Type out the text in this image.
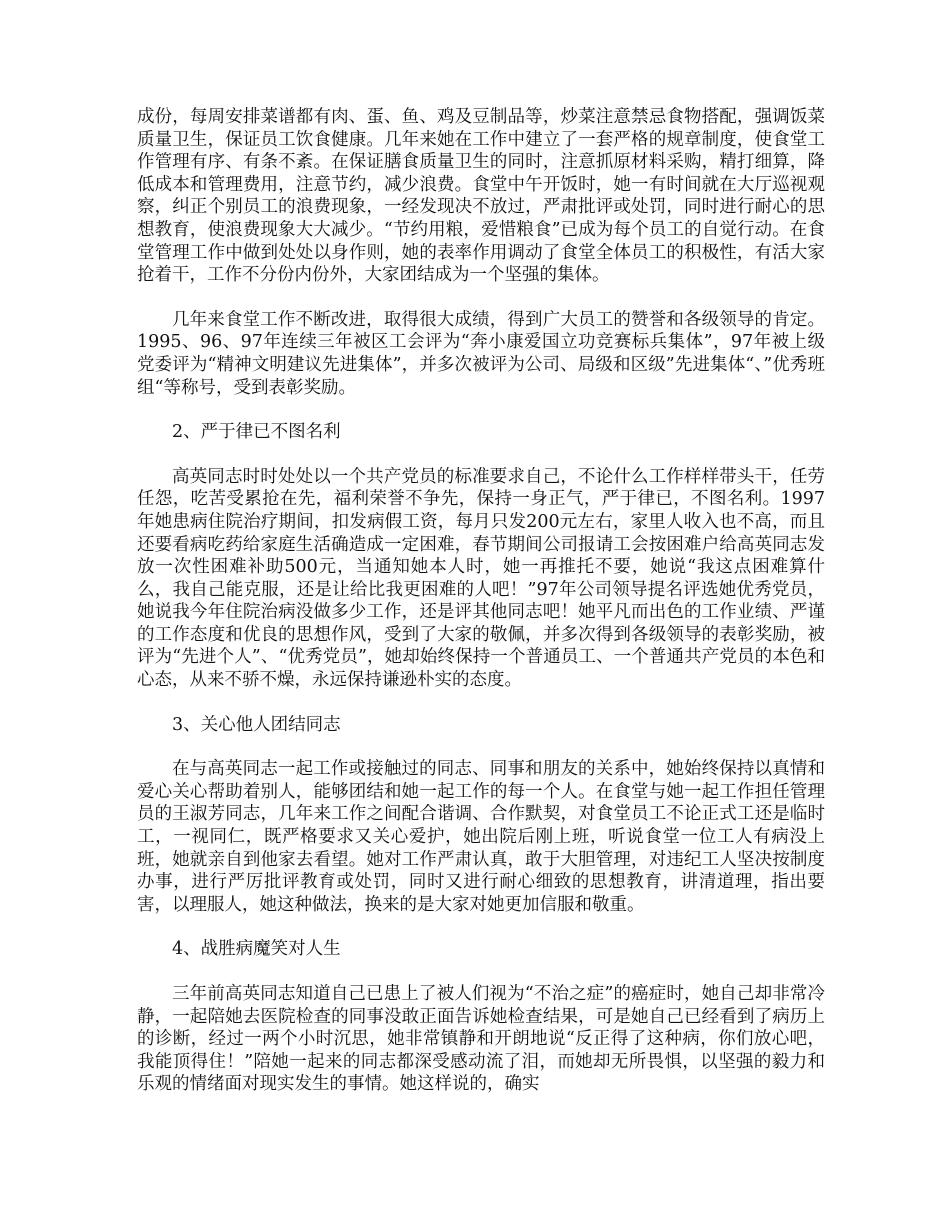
成份，每周安排菜谱都有肉、蛋、鱼、鸡及豆制品等，炒菜注意禁忌食物搭配，强调饭菜质量卫生，保证员工饮食健康。几年来她在工作中建立了一套严格的规章制度，使食堂工作管理有序、有条不紊。在保证膳食质量卫生的同时，注意抓原材料采购，精打细算，降低成本和管理费用，注意节约，减少浪费。食堂中午开饭时，她一有时间就在大厅巡视观察，纠正个别员工的浪费现象，一经发现决不放过，严肃批评或处罚，同时进行耐心的思想教育，使浪费现象大大减少。“节约用粮，爱惜粮食”已成为每个员工的自觉行动。在食堂管理工作中做到处处以身作则，她的表率作用调动了食堂全体员工的积极性，有活大家抢着干，工作不分份内份外，大家团结成为一个坚强的集体。

几年来食堂工作不断改进，取得很大成绩，得到广大员工的赞誉和各级领导的肯定。1995、96、97年连续三年被区工会评为“奔小康爱国立功竞赛标兵集体”，97年被上级党委评为“精神文明建议先进集体”，并多次被评为公司、局级和区级”先进集体“、”优秀班组“等称号，受到表彰奖励。

2、严于律已不图名利

高英同志时时处处以一个共产党员的标准要求自己，不论什么工作样样带头干，任劳任怨，吃苦受累抢在先，福利荣誉不争先，保持一身正气，严于律已，不图名利。1997年她患病住院治疗期间，扣发病假工资，每月只发200元左右，家里人收入也不高，而且还要看病吃药给家庭生活确造成一定困难，春节期间公司报请工会按困难户给高英同志发放一次性困难补助500元，当通知她本人时，她一再推托不要，她说“我这点困难算什么，我自己能克服，还是让给比我更困难的人吧！”97年公司领导提名评选她优秀党员，她说我今年住院治病没做多少工作，还是评其他同志吧！她平凡而出色的工作业绩、严谨的工作态度和优良的思想作风，受到了大家的敬佩，并多次得到各级领导的表彰奖励，被评为“先进个人”、“优秀党员”，她却始终保持一个普通员工、一个普通共产党员的本色和心态，从来不骄不燥，永远保持谦逊朴实的态度。

3、关心他人团结同志

在与高英同志一起工作或接触过的同志、同事和朋友的关系中，她始终保持以真情和爱心关心帮助着别人，能够团结和她一起工作的每一个人。在食堂与她一起工作担任管理员的王淑芳同志，几年来工作之间配合谐调、合作默契，对食堂员工不论正式工还是临时工，一视同仁，既严格要求又关心爱护，她出院后刚上班，听说食堂一位工人有病没上班，她就亲自到他家去看望。她对工作严肃认真，敢于大胆管理，对违纪工人坚决按制度办事，进行严厉批评教育或处罚，同时又进行耐心细致的思想教育，讲清道理，指出要害，以理服人，她这种做法，换来的是大家对她更加信服和敬重。

4、战胜病魔笑对人生

三年前高英同志知道自己已患上了被人们视为“不治之症”的癌症时，她自己却非常冷静，一起陪她去医院检查的同事没敢正面告诉她检查结果，可是她自己已经看到了病历上的诊断，经过一两个小时沉思，她非常镇静和开朗地说“反正得了这种病，你们放心吧，我能顶得住！”陪她一起来的同志都深受感动流了泪，而她却无所畏惧，以坚强的毅力和乐观的情绪面对现实发生的事情。她这样说的，确实
